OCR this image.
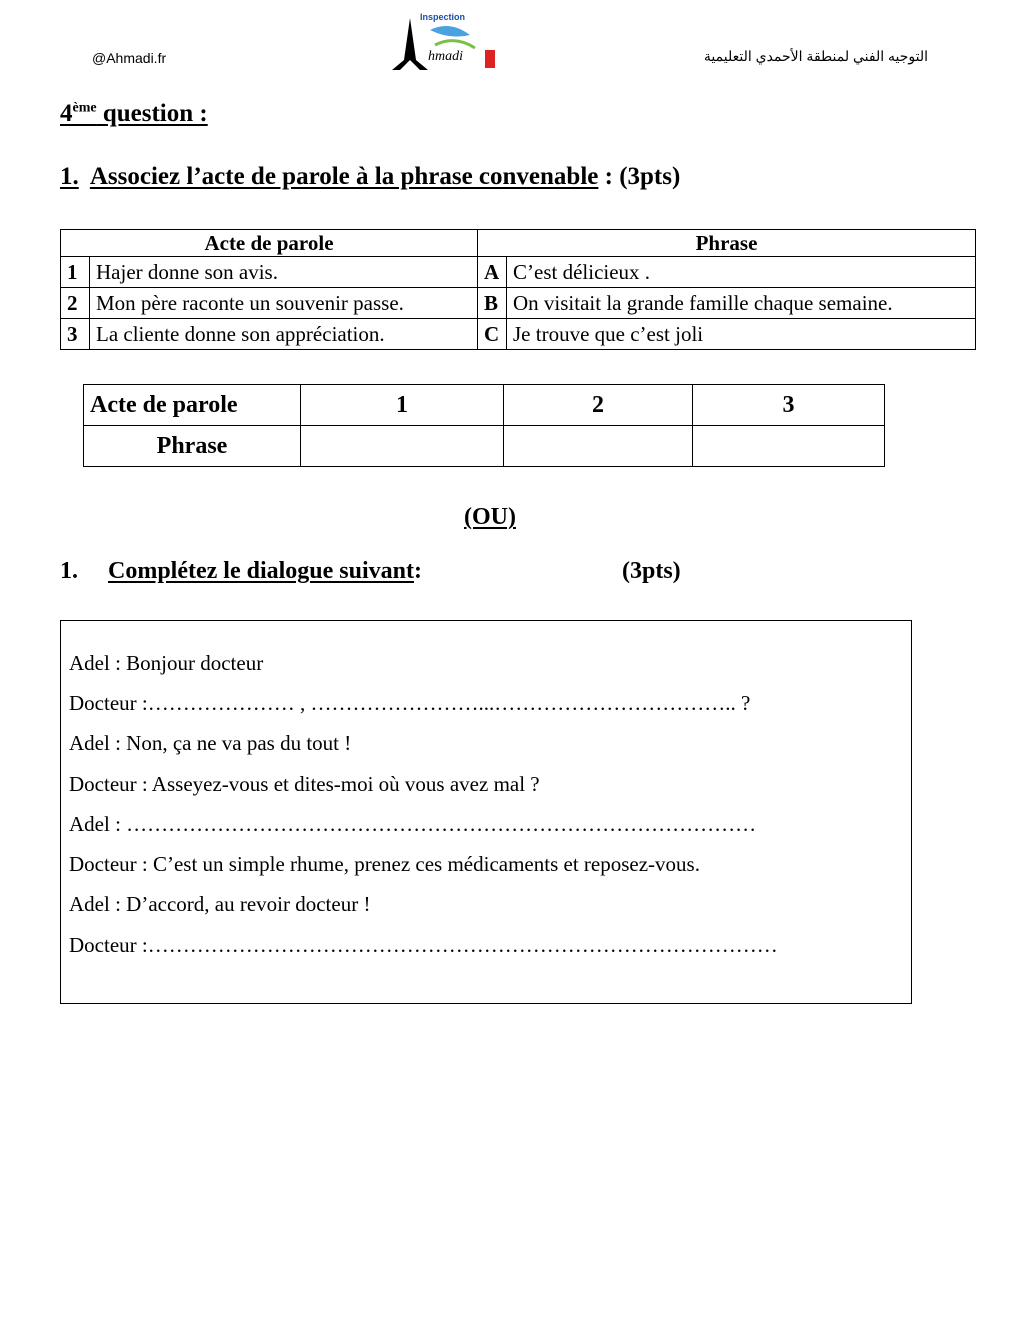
@Ahmadi.fr
Inspection
hmadi	التوجيه الفني لمنطقة الأحمدي التعليمية
4ème question :
1. Associez l’acte de parole à la phrase convenable : (3pts)
Acte de parole		Phrase	
1	Hajer donne son avis.	A	C’est délicieux .
2	Mon père raconte un souvenir passe.	B	On visitait la grande famille chaque semaine.
3	La cliente donne son appréciation.	C	Je trouve que c’est joli
Acte de parole	1	2	3
Phrase			
(OU)
1. Complétez le dialogue suivant:	(3pts)
Adel : Bonjour docteur
Docteur :………………… , ……………………...…………………………….. ?
Adel : Non, ça ne va pas du tout !
Docteur : Asseyez-vous et dites-moi où vous avez mal ?
Adel : ………………………………………………………………………………
Docteur : C’est un simple rhume, prenez ces médicaments et reposez-vous.
Adel : D’accord, au revoir docteur !
Docteur :………………………………………………………………………………
